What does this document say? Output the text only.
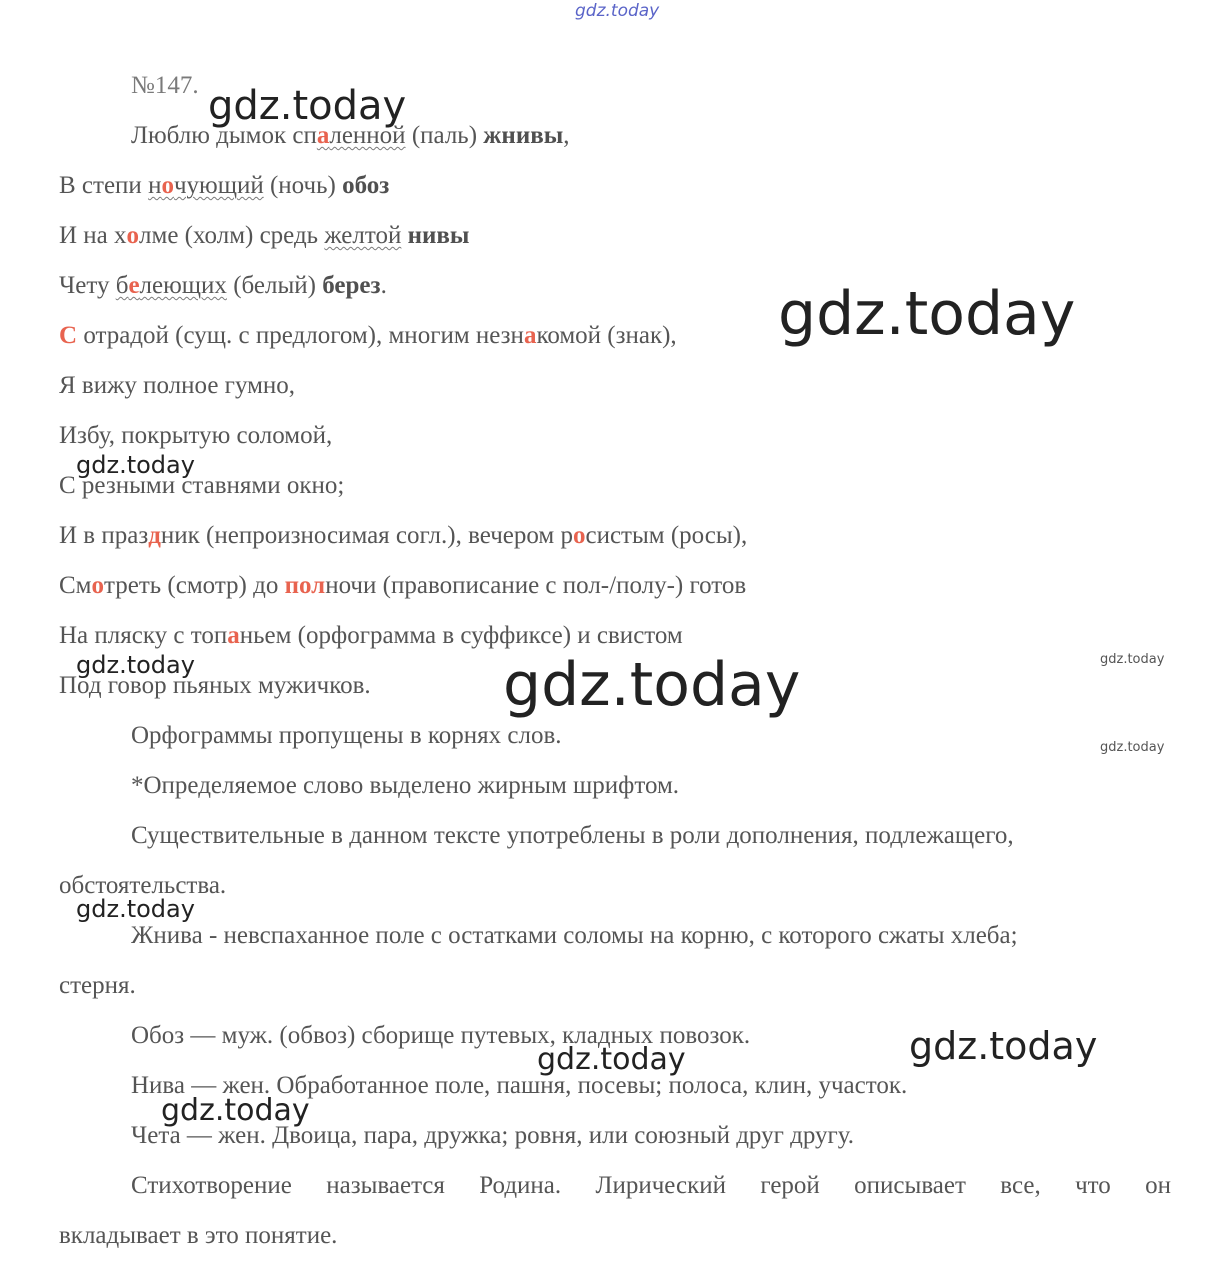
gdz.today
№147.

Люблю дымок спаленной (паль) жнивы,

В степи ночующий (ночь) обоз

И на холме (холм) средь желтой нивы

Чету белеющих (белый) берез.

С отрадой (сущ. с предлогом), многим незнакомой (знак),

Я вижу полное гумно,

Избу, покрытую соломой,

С резными ставнями окно;

И в праздник (непроизносимая согл.), вечером росистым (росы),

Смотреть (смотр) до полночи (правописание с пол-/полу-) готов

На пляску с топаньем (орфограмма в суффиксе) и свистом

Под говор пьяных мужичков.

Орфограммы пропущены в корнях слов.

*Определяемое слово выделено жирным шрифтом.

Существительные в данном тексте употреблены в роли дополнения, подлежащего,

обстоятельства.

Жнива - невспаханное поле с остатками соломы на корню, с которого сжаты хлеба;

стерня.

Обоз — муж. (обвоз) сборище путевых, кладных повозок.

Нива — жен. Обработанное поле, пашня, посевы; полоса, клин, участок.

Чета — жен. Двоица, пара, дружка; ровня, или союзный друг другу.

Стихотворение называется Родина. Лирический герой описывает все, что он

вкладывает в это понятие.

gdz.today
gdz.today
gdz.today
gdz.today	gdz.today	gdz.today
gdz.today
gdz.today
gdz.today
gdz.today
gdz.today
